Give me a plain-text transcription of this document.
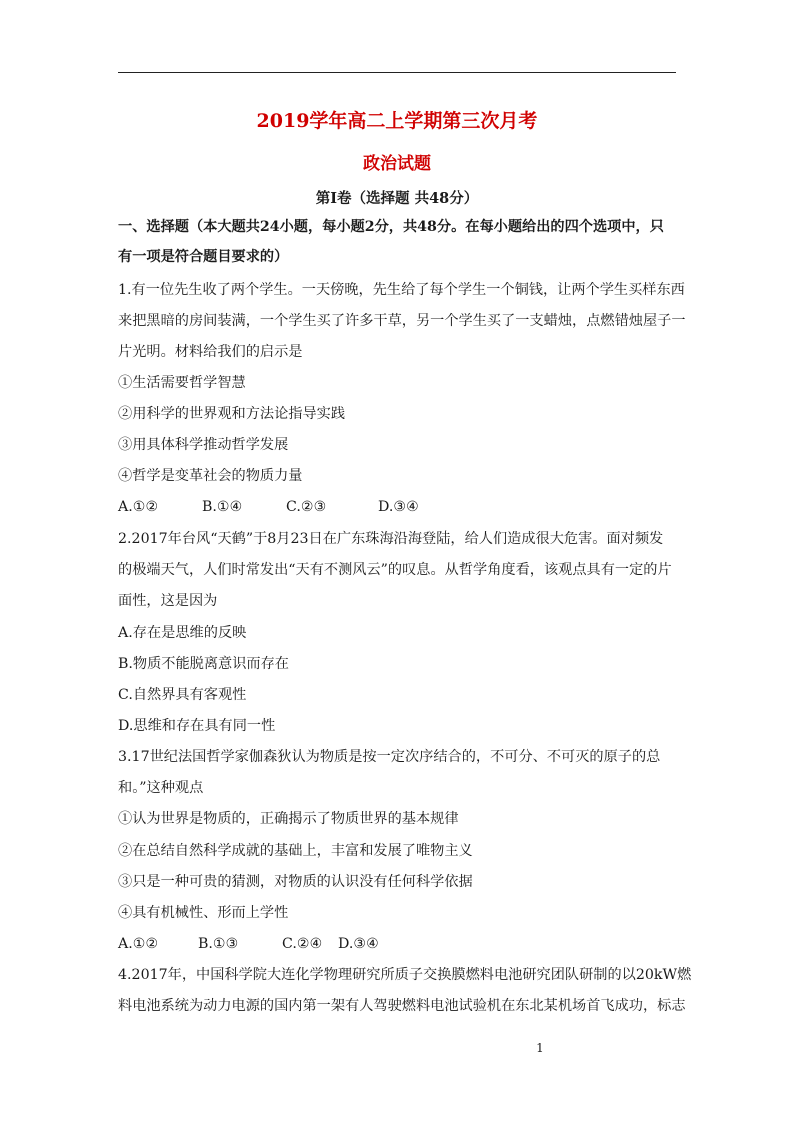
2019学年高二上学期第三次月考
政治试题
第I卷（选择题 共48分）
一、选择题（本大题共24小题，每小题2分，共48分。在每小题给出的四个选项中，只
有一项是符合题目要求的）
1.有一位先生收了两个学生。一天傍晚，先生给了每个学生一个铜钱，让两个学生买样东西
来把黑暗的房间装满，一个学生买了许多干草，另一个学生买了一支蜡烛，点燃错烛屋子一
片光明。材料给我们的启示是
①生活需要哲学智慧
②用科学的世界观和方法论指导实践
③用具体科学推动哲学发展
④哲学是变革社会的物质力量
A.①②	B.①④	C.②③	D.③④
2.2017年台风“天鹤”于8月23日在广东珠海沿海登陆，给人们造成很大危害。面对频发
的极端天气，人们时常发出“天有不测风云”的叹息。从哲学角度看，该观点具有一定的片
面性，这是因为
A.存在是思维的反映
B.物质不能脱离意识而存在
C.自然界具有客观性
D.思维和存在具有同一性
3.17世纪法国哲学家伽森狄认为物质是按一定次序结合的，不可分、不可灭的原子的总
和。”这种观点
①认为世界是物质的，正确揭示了物质世界的基本规律
②在总结自然科学成就的基础上，丰富和发展了唯物主义
③只是一种可贵的猜测，对物质的认识没有任何科学依据
④具有机械性、形而上学性
A.①②	B.①③	C.②④ D.③④
4.2017年，中国科学院大连化学物理研究所质子交换膜燃料电池研究团队研制的以20kW燃
料电池系统为动力电源的国内第一架有人驾驶燃料电池试验机在东北某机场首飞成功，标志
1
